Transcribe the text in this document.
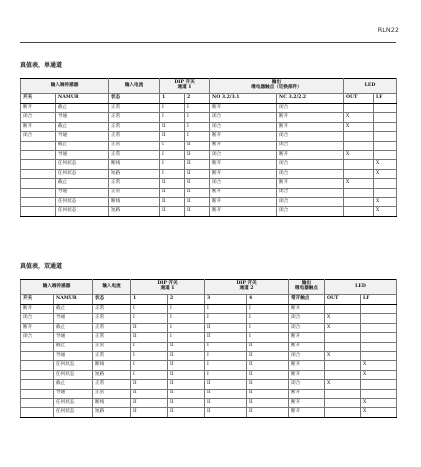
RLN22
真值表，单通道
输入端传感器		输入电流	DIP 开关
通道 1		输出
继电器触点（切换部件）		LED	
开关	NAMUR	状态	1	2	NO 3.2/3.1	NC 3.2/2.2	OUT	LF
断开	截止	正常	I	I	断开	闭合		
闭合	导通	正常	I	I	闭合	断开	X	
断开	截止	正常	II	I	闭合	断开	X	
闭合	导通	正常	II	I	断开	闭合		
	截止	正常	I	II	断开	闭合		
	导通	正常	I	II	闭合	断开	X	
	任何状态	断线	I	II	断开	闭合		X
	任何状态	短路	I	II	断开	闭合		X
	截止	正常	II	II	闭合	断开	X	
	导通	正常	II	II	断开	闭合		
	任何状态	断线	II	II	断开	闭合		X
	任何状态	短路	II	II	断开	闭合		X
真值表，双通道
输入端传感器		输入电流	DIP 开关
通道 1		DIP 开关
通道 2		输出
继电器触点	LED	
开关	NAMUR	状态	1	2	3	4	常开触点	OUT	LF
断开	截止	正常	I	I	I	I	断开		
闭合	导通	正常	I	I	I	I	闭合	X	
断开	截止	正常	II	I	II	I	闭合	X	
闭合	导通	正常	II	I	II	I	断开		
	截止	正常	I	II	I	II	断开		
	导通	正常	I	II	I	II	闭合	X	
	任何状态	断线	I	II	I	II	断开		X
	任何状态	短路	I	II	I	II	断开		X
	截止	正常	II	II	II	II	闭合	X	
	导通	正常	II	II	II	II	断开		
	任何状态	断线	II	II	II	II	断开		X
	任何状态	短路	II	II	II	II	断开		X
